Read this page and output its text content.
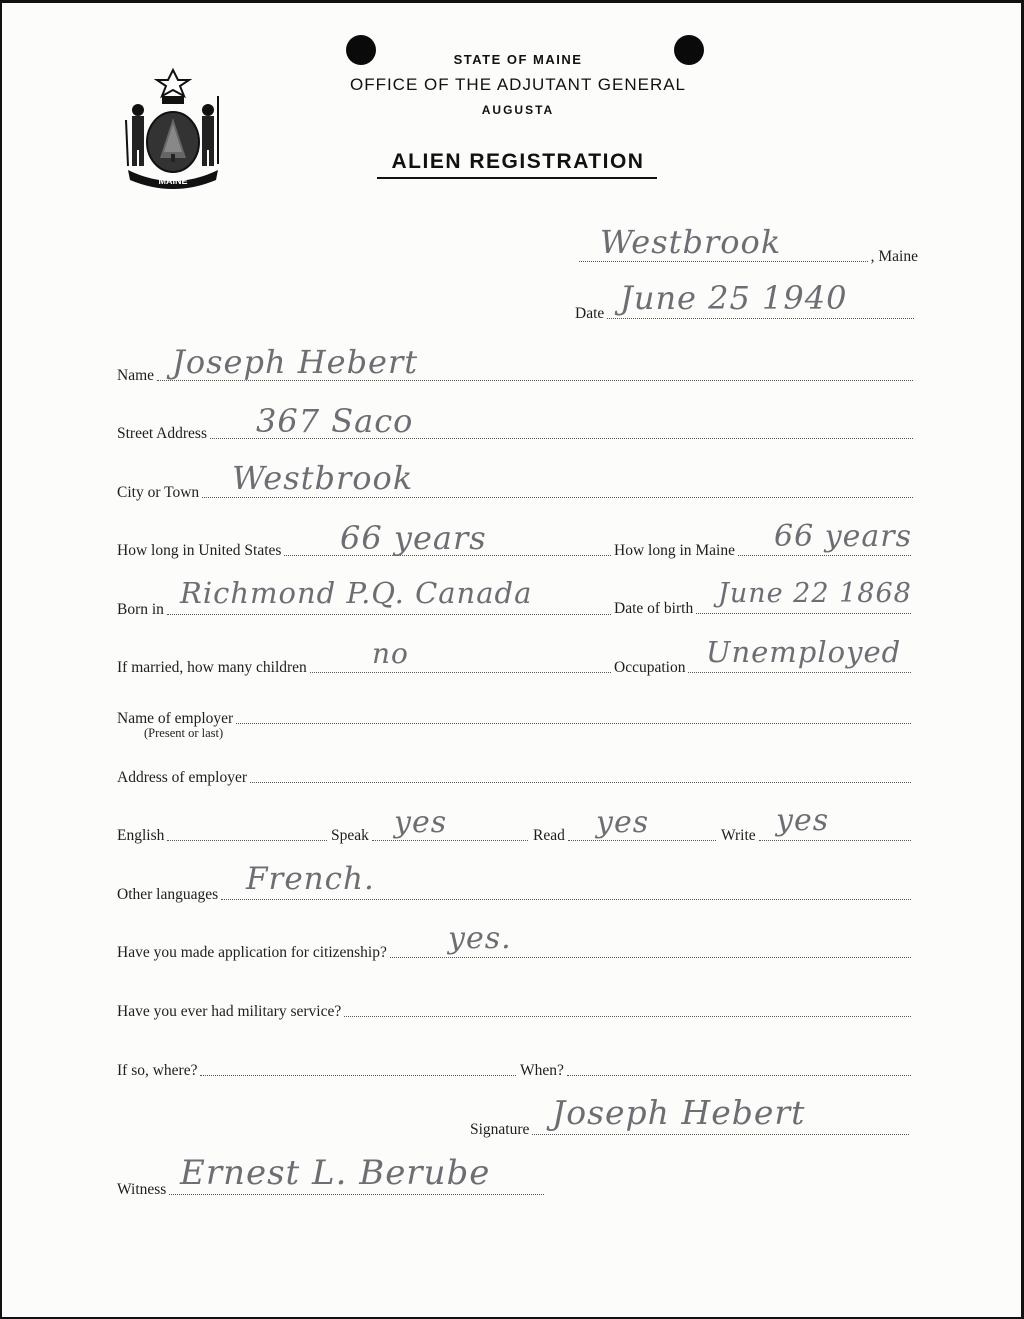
MAINE
STATE OF MAINE
OFFICE OF THE ADJUTANT GENERAL
AUGUSTA
ALIEN REGISTRATION
, Maine
Westbrook
Date June 25 1940
Name Joseph Hebert
Street Address 367 Saco
City or Town Westbrook
How long in United States 66 years	How long in Maine 66 years
Born in Richmond P.Q. Canada	Date of birth June 22 1868
If married, how many children no	Occupation Unemployed
Name of employer
(Present or last)
Address of employer
English	Speak yes	Read yes	Write yes
Other languages French.
Have you made application for citizenship? yes.
Have you ever had military service?
If so, where?	When?
Signature Joseph Hebert
Witness Ernest L. Berube
